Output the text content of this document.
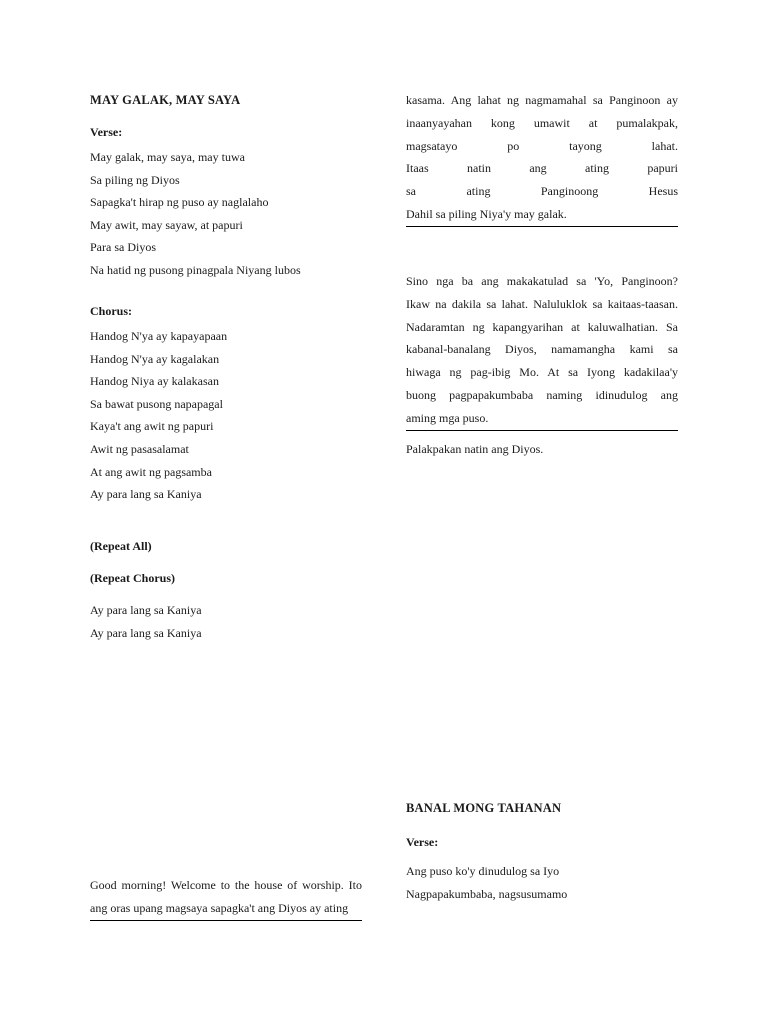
MAY GALAK, MAY SAYA

Verse:

May galak, may saya, may tuwa

Sa piling ng Diyos

Sapagka't hirap ng puso ay naglalaho

May awit, may sayaw, at papuri

Para sa Diyos

Na hatid ng pusong pinagpala Niyang lubos

Chorus:

Handog N'ya ay kapayapaan

Handog N'ya ay kagalakan

Handog Niya ay kalakasan

Sa bawat pusong napapagal

Kaya't ang awit ng papuri

Awit ng pasasalamat

At ang awit ng pagsamba

Ay para lang sa Kaniya

(Repeat All)

(Repeat Chorus)

Ay para lang sa Kaniya

Ay para lang sa Kaniya

Good morning! Welcome to the house of worship. Ito
ang oras upang magsaya sapagka't ang Diyos ay ating
kasama. Ang lahat ng nagmamahal sa Panginoon ay
inaanyayahan kong umawit at pumalakpak,
magsatayo po tayong lahat.
Itaas natin ang ating papuri
sa ating Panginoong Hesus
Dahil sa piling Niya'y may galak.
Sino nga ba ang makakatulad sa 'Yo, Panginoon?
Ikaw na dakila sa lahat. Naluluklok sa kaitaas-taasan.
Nadaramtan ng kapangyarihan at kaluwalhatian. Sa
kabanal-banalang Diyos, namamangha kami sa
hiwaga ng pag-ibig Mo. At sa Iyong kadakilaa'y
buong pagpapakumbaba naming idinudulog ang
aming mga puso.

Palakpakan natin ang Diyos.

BANAL MONG TAHANAN

Verse:

Ang puso ko'y dinudulog sa Iyo

Nagpapakumbaba, nagsusumamo
